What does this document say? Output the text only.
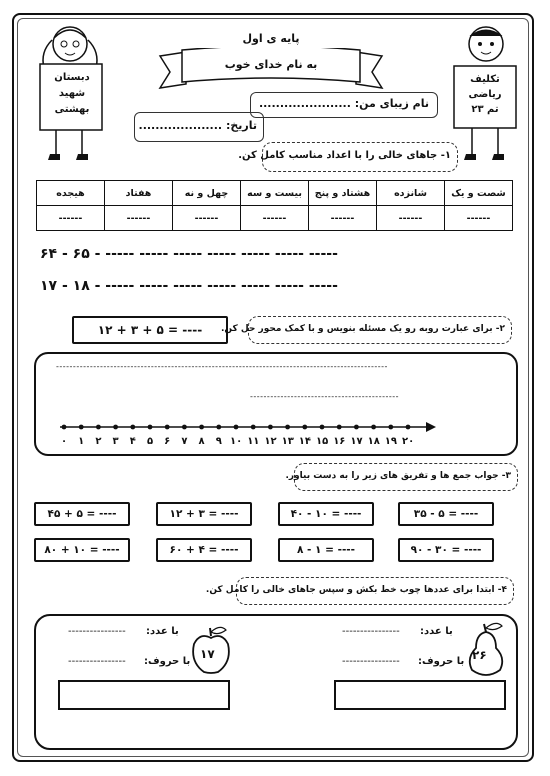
دبستان
شهید
بهشتی
تکلیف
ریاضی
تم ۲۳
پایه ی اول
به نام خدای خوب
نام زیبای من: ......................
تاریخ: ....................
۱- جاهای خالی را با اعداد مناسب کامل کن.
شصت و یک	شانزده	هشتاد و پنج	بیست و سه	چهل و نه	هفتاد	هیجده
------	------	------	------	------	------	------
۶۴ - ۶۵ - ----- ----- ----- ----- ----- ----- -----
۱۷ - ۱۸ - ----- ----- ----- ----- ----- ----- -----
۱۲ + ۳ + ۵ = ----	۲- برای عبارت روبه رو یک مسئله بنویس و با کمک محور حل کن.
--------------------------------------------------------------------------------------------------
--------------------------------------------
۰ ۱ ۲ ۳ ۴ ۵ ۶ ۷ ۸ ۹ ۱۰ ۱۱ ۱۲ ۱۳ ۱۴ ۱۵ ۱۶ ۱۷ ۱۸ ۱۹ ۲۰
۳- جواب جمع ها و تفریق های زیر را به دست بیاور.
۳۵ - ۵ = ----
۴۰ - ۱۰ = ----
۱۲ + ۳ = ----
۴۵ + ۵ = ----
۹۰ - ۳۰ = ----
۸ - ۱ = ----
۶۰ + ۴ = ----
۸۰ + ۱۰ = ----
۴- ابتدا برای عددها چوب خط بکش و سپس جاهای خالی را کامل کن.
با عدد:
----------------
با حروف:
----------------	۲۶
با عدد:
----------------
با حروف:
----------------
۱۷
